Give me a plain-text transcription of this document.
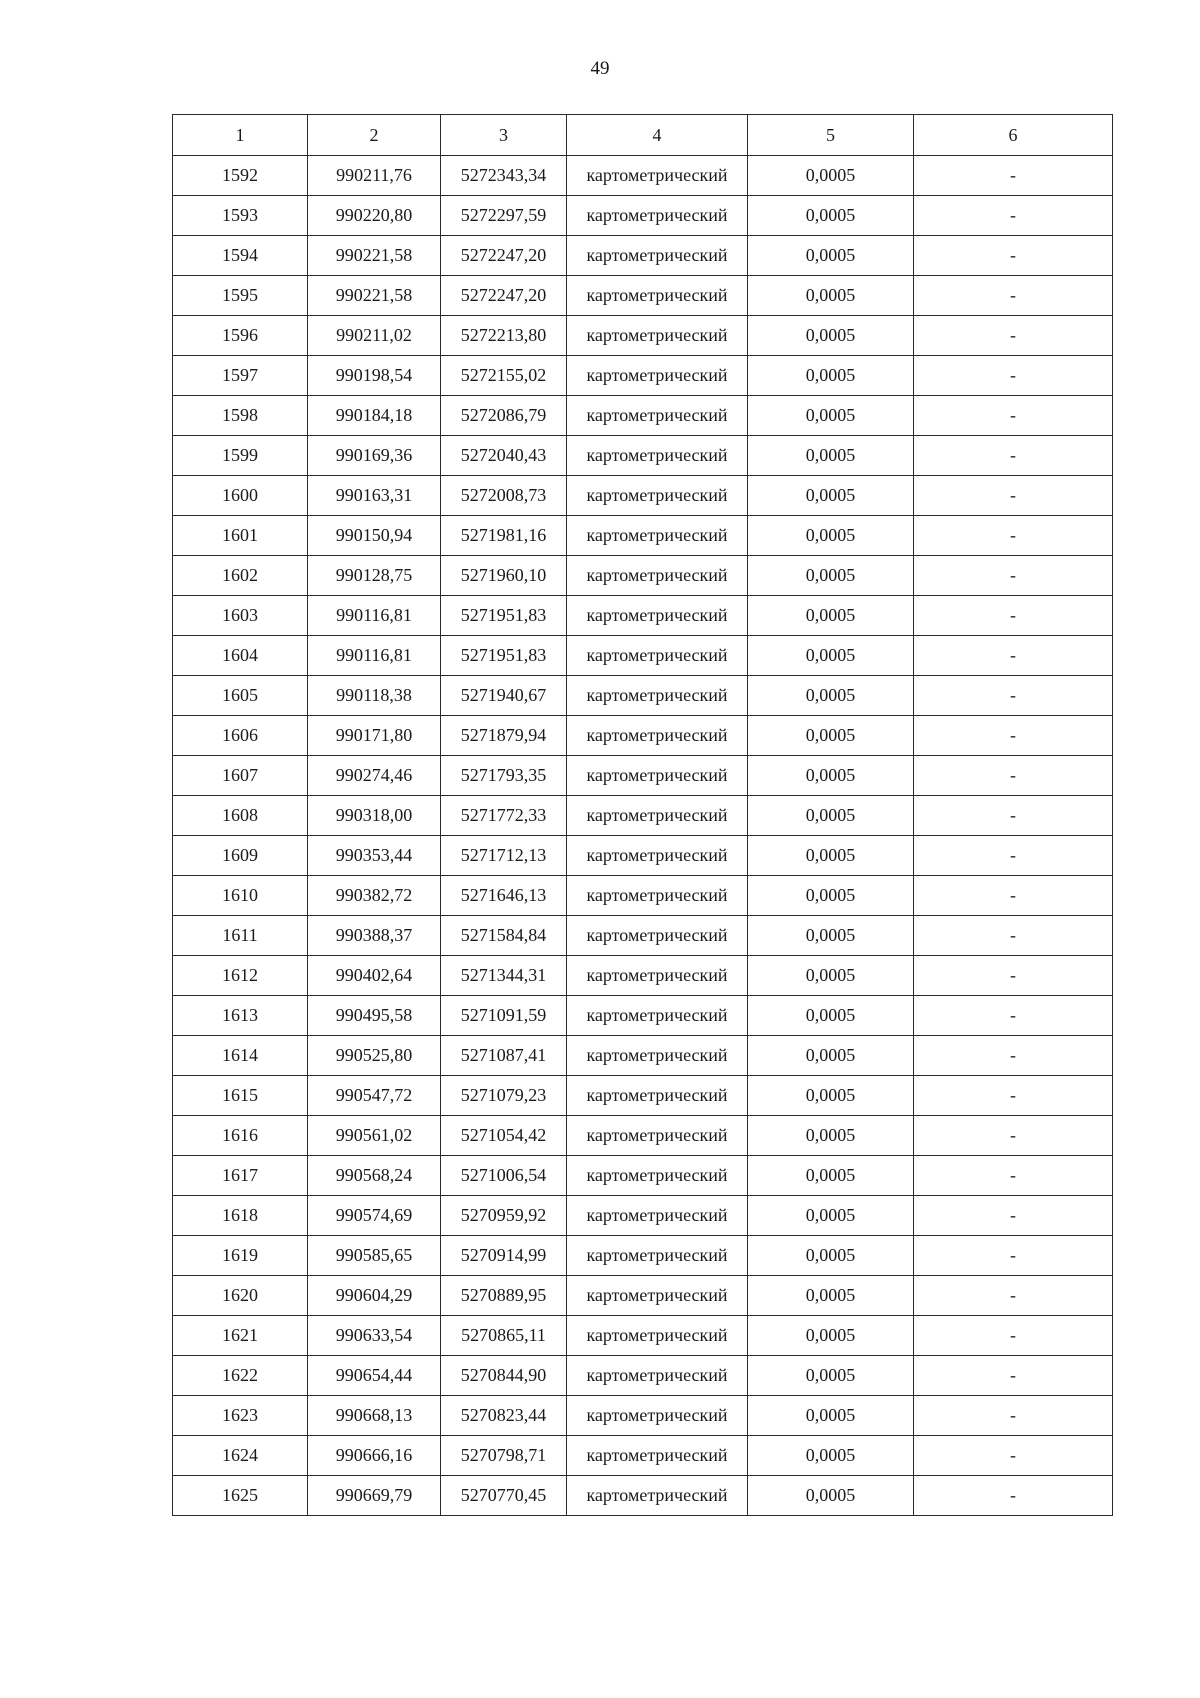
49
1	2	3	4	5	6
1592	990211,76	5272343,34	картометрический	0,0005	-
1593	990220,80	5272297,59	картометрический	0,0005	-
1594	990221,58	5272247,20	картометрический	0,0005	-
1595	990221,58	5272247,20	картометрический	0,0005	-
1596	990211,02	5272213,80	картометрический	0,0005	-
1597	990198,54	5272155,02	картометрический	0,0005	-
1598	990184,18	5272086,79	картометрический	0,0005	-
1599	990169,36	5272040,43	картометрический	0,0005	-
1600	990163,31	5272008,73	картометрический	0,0005	-
1601	990150,94	5271981,16	картометрический	0,0005	-
1602	990128,75	5271960,10	картометрический	0,0005	-
1603	990116,81	5271951,83	картометрический	0,0005	-
1604	990116,81	5271951,83	картометрический	0,0005	-
1605	990118,38	5271940,67	картометрический	0,0005	-
1606	990171,80	5271879,94	картометрический	0,0005	-
1607	990274,46	5271793,35	картометрический	0,0005	-
1608	990318,00	5271772,33	картометрический	0,0005	-
1609	990353,44	5271712,13	картометрический	0,0005	-
1610	990382,72	5271646,13	картометрический	0,0005	-
1611	990388,37	5271584,84	картометрический	0,0005	-
1612	990402,64	5271344,31	картометрический	0,0005	-
1613	990495,58	5271091,59	картометрический	0,0005	-
1614	990525,80	5271087,41	картометрический	0,0005	-
1615	990547,72	5271079,23	картометрический	0,0005	-
1616	990561,02	5271054,42	картометрический	0,0005	-
1617	990568,24	5271006,54	картометрический	0,0005	-
1618	990574,69	5270959,92	картометрический	0,0005	-
1619	990585,65	5270914,99	картометрический	0,0005	-
1620	990604,29	5270889,95	картометрический	0,0005	-
1621	990633,54	5270865,11	картометрический	0,0005	-
1622	990654,44	5270844,90	картометрический	0,0005	-
1623	990668,13	5270823,44	картометрический	0,0005	-
1624	990666,16	5270798,71	картометрический	0,0005	-
1625	990669,79	5270770,45	картометрический	0,0005	-
